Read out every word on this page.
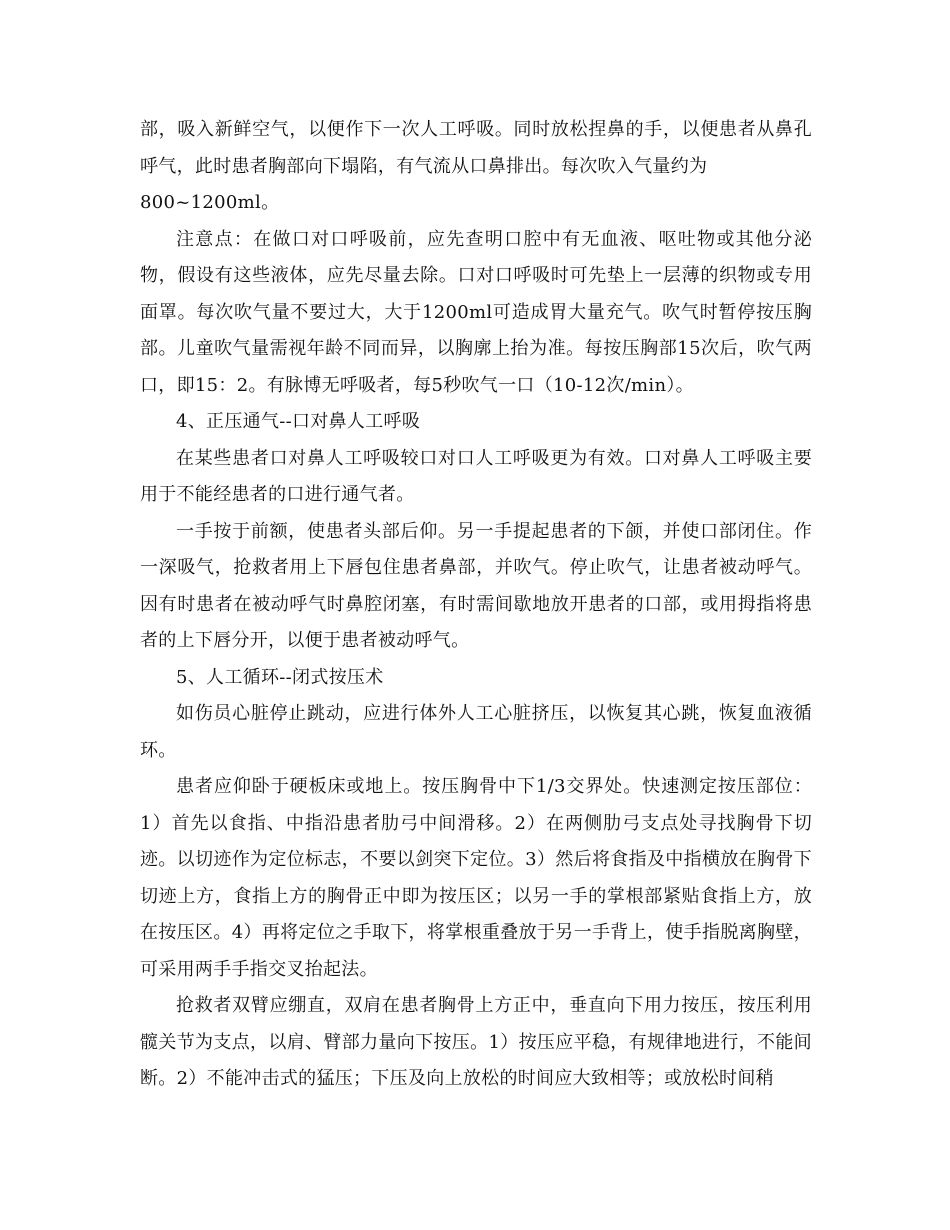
部，吸入新鲜空气，以便作下一次人工呼吸。同时放松捏鼻的手，以便患者从鼻孔呼气，此时患者胸部向下塌陷，有气流从口鼻排出。每次吹入气量约为

800~1200ml。

注意点：在做口对口呼吸前，应先查明口腔中有无血液、呕吐物或其他分泌物，假设有这些液体，应先尽量去除。口对口呼吸时可先垫上一层薄的织物或专用面罩。每次吹气量不要过大，大于1200ml可造成胃大量充气。吹气时暂停按压胸部。儿童吹气量需视年龄不同而异，以胸廓上抬为准。每按压胸部15次后，吹气两口，即15：2。有脉博无呼吸者，每5秒吹气一口（10-12次/min）。

4、正压通气--口对鼻人工呼吸

在某些患者口对鼻人工呼吸较口对口人工呼吸更为有效。口对鼻人工呼吸主要用于不能经患者的口进行通气者。

一手按于前额，使患者头部后仰。另一手提起患者的下颌，并使口部闭住。作一深吸气，抢救者用上下唇包住患者鼻部，并吹气。停止吹气，让患者被动呼气。因有时患者在被动呼气时鼻腔闭塞，有时需间歇地放开患者的口部，或用拇指将患者的上下唇分开，以便于患者被动呼气。

5、人工循环--闭式按压术

如伤员心脏停止跳动，应进行体外人工心脏挤压，以恢复其心跳，恢复血液循环。

患者应仰卧于硬板床或地上。按压胸骨中下1/3交界处。快速测定按压部位：1）首先以食指、中指沿患者肋弓中间滑移。2）在两侧肋弓支点处寻找胸骨下切迹。以切迹作为定位标志，不要以剑突下定位。3）然后将食指及中指横放在胸骨下切迹上方，食指上方的胸骨正中即为按压区；以另一手的掌根部紧贴食指上方，放在按压区。4）再将定位之手取下，将掌根重叠放于另一手背上，使手指脱离胸壁，可采用两手手指交叉抬起法。

抢救者双臂应绷直，双肩在患者胸骨上方正中，垂直向下用力按压，按压利用髋关节为支点，以肩、臂部力量向下按压。1）按压应平稳，有规律地进行，不能间断。2）不能冲击式的猛压；下压及向上放松的时间应大致相等；或放松时间稍
